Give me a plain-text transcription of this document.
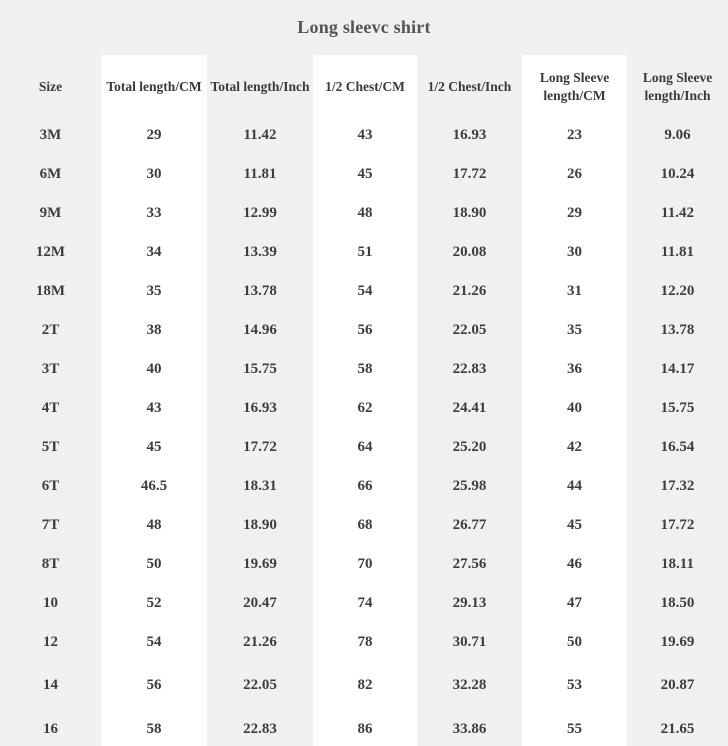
Long sleevc shirt
Size
3M
6M
9M
12M
18M
2T
3T
4T
5T
6T
7T
8T
10
12
14
16
Total length/CM
29
30
33
34
35
38
40
43
45
46.5
48
50
52
54
56
58
Total length/Inch
11.42
11.81
12.99
13.39
13.78
14.96
15.75
16.93
17.72
18.31
18.90
19.69
20.47
21.26
22.05
22.83
1/2 Chest/CM
43
45
48
51
54
56
58
62
64
66
68
70
74
78
82
86
1/2 Chest/Inch
16.93
17.72
18.90
20.08
21.26
22.05
22.83
24.41
25.20
25.98
26.77
27.56
29.13
30.71
32.28
33.86
Long Sleeve length/CM
23
26
29
30
31
35
36
40
42
44
45
46
47
50
53
55
Long Sleeve length/Inch
9.06
10.24
11.42
11.81
12.20
13.78
14.17
15.75
16.54
17.32
17.72
18.11
18.50
19.69
20.87
21.65
